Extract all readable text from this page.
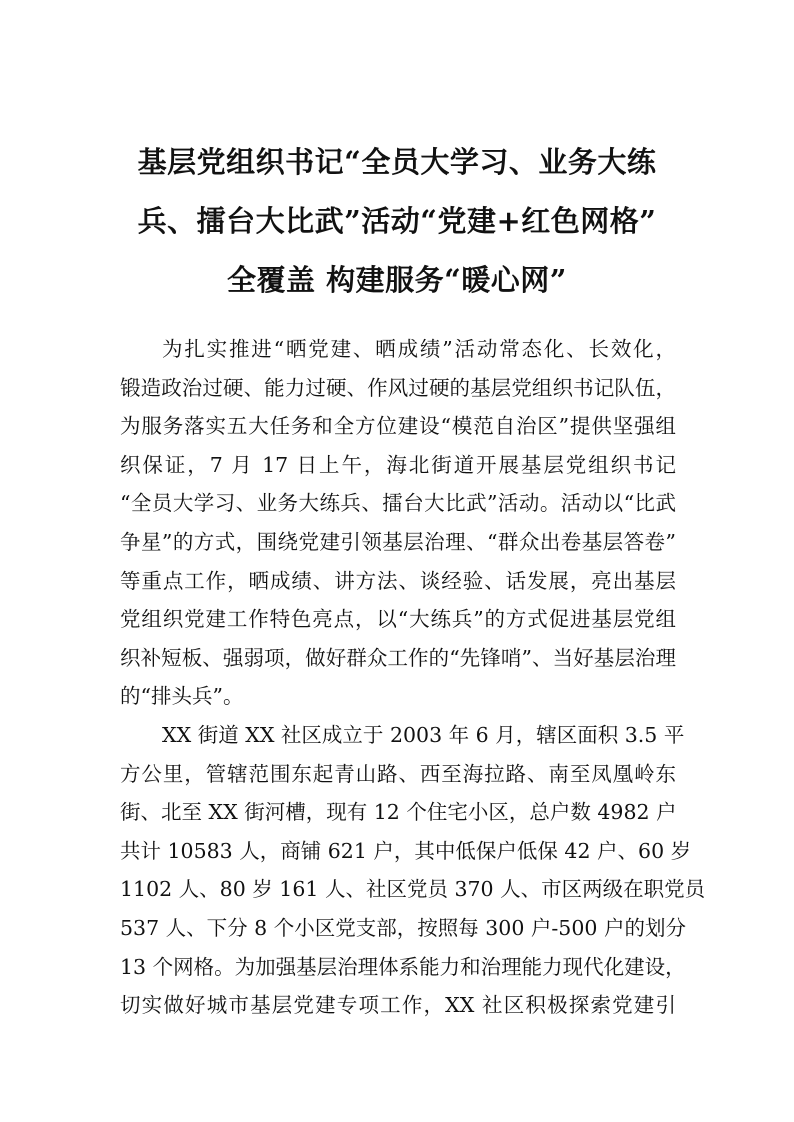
基层党组织书记“全员大学习、业务大练
兵、擂台大比武”活动“党建+红色网格”
全覆盖 构建服务“暖心网”
为扎实推进“晒党建、晒成绩”活动常态化、长效化，
锻造政治过硬、能力过硬、作风过硬的基层党组织书记队伍，
为服务落实五大任务和全方位建设“模范自治区”提供坚强组
织保证，7 月 17 日上午，海北街道开展基层党组织书记
“全员大学习、业务大练兵、擂台大比武”活动。活动以“比武
争星”的方式，围绕党建引领基层治理、“群众出卷基层答卷”
等重点工作，晒成绩、讲方法、谈经验、话发展，亮出基层
党组织党建工作特色亮点，以“大练兵”的方式促进基层党组
织补短板、强弱项，做好群众工作的“先锋哨”、当好基层治理
的“排头兵”。
XX 街道 XX 社区成立于 2003 年 6 月，辖区面积 3.5 平
方公里，管辖范围东起青山路、西至海拉路、南至凤凰岭东
街、北至 XX 街河槽，现有 12 个住宅小区，总户数 4982 户
共计 10583 人，商铺 621 户，其中低保户低保 42 户、60 岁
1102 人、80 岁 161 人、社区党员 370 人、市区两级在职党员
537 人、下分 8 个小区党支部，按照每 300 户-500 户的划分
13 个网格。为加强基层治理体系能力和治理能力现代化建设，
切实做好城市基层党建专项工作，XX 社区积极探索党建引
